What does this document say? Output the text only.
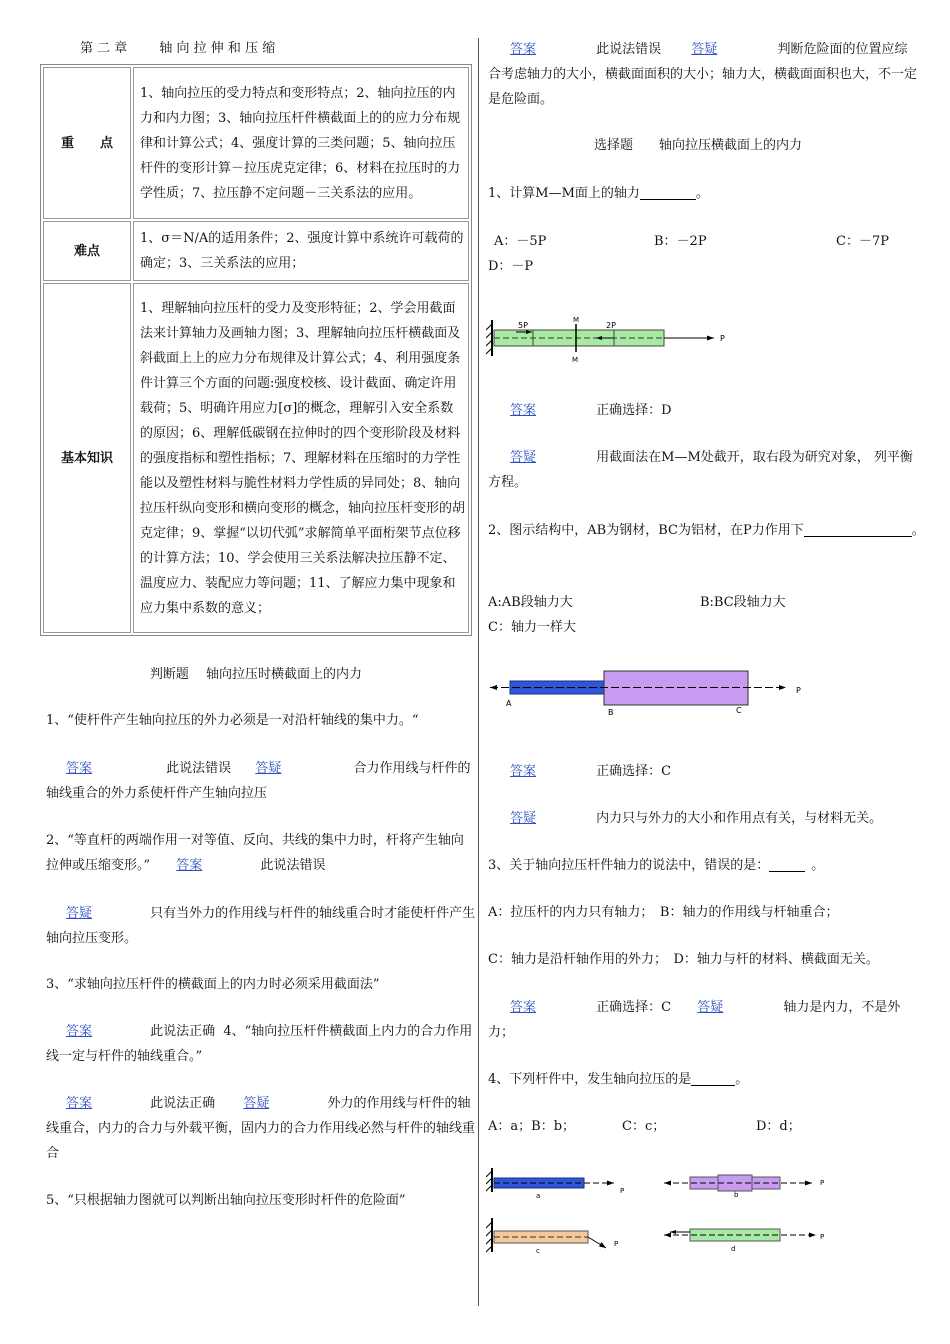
第 二 章 轴 向 拉 伸 和 压 缩
重　　点	1、轴向拉压的受力特点和变形特点；2、轴向拉压的内力和内力图；3、轴向拉压杆件横截面上的的应力分布规律和计算公式；4、强度计算的三类问题；5、轴向拉压杆件的变形计算－拉压虎克定律；6、材料在拉压时的力学性质；7、拉压静不定问题－三关系法的应用。
难点	1、σ＝N/A的适用条件；2、强度计算中系统许可载荷的确定；3、三关系法的应用；
基本知识	1、理解轴向拉压杆的受力及变形特征；2、学会用截面法来计算轴力及画轴力图；3、理解轴向拉压杆横截面及斜截面上上的应力分布规律及计算公式；4、利用强度条件计算三个方面的问题:强度校核、设计截面、确定许用载荷；5、明确许用应力[σ]的概念，理解引入安全系数的原因；6、理解低碳钢在拉伸时的四个变形阶段及材料的强度指标和塑性指标；7、理解材料在压缩时的力学性能以及塑性材料与脆性材料力学性质的异同处；8、轴向拉压杆纵向变形和横向变形的概念，轴向拉压杆变形的胡克定律；9、掌握“以切代弧”求解简单平面桁架节点位移的计算方法；10、学会使用三关系法解决拉压静不定、温度应力、装配应力等问题；11、了解应力集中现象和应力集中系数的意义；
判断题　 轴向拉压时横截面上的内力

1、“使杆件产生轴向拉压的外力必须是一对沿杆轴线的集中力。“

答案	此说法错误 答疑	合力作用线与杆件的轴线重合的外力系使杆件产生轴向拉压
2、“等直杆的两端作用一对等值、反向、共线的集中力时，杆将产生轴向拉伸或压缩变形。” 答案	此说法错误
答疑	只有当外力的作用线与杆件的轴线重合时才能使杆件产生轴向拉压变形。

3、“求轴向拉压杆件的横截面上的内力时必须采用截面法”

答案	此说法正确 4、“轴向拉压杆件横截面上内力的合力作用线一定与杆件的轴线重合。”
答案	此说法正确 答疑	外力的作用线与杆件的轴线重合，内力的合力与外载平衡，固内力的合力作用线必然与杆件的轴线重合

5、“只根据轴力图就可以判断出轴向拉压变形时杆件的危险面”

答案	此说法错误 答疑	判断危险面的位置应综合考虑轴力的大小，横截面面积的大小；轴力大，横截面面积也大，不一定是危险面。
选择题　　轴向拉压横截面上的内力
1、计算M—M面上的轴力	。
A：－5P	B：－2P	C：－7P
D：－P
5P
M
2P
M
P
答案	正确选择：D
答疑	用截面法在M—M处截开，取右段为研究对象， 列平衡方程。
2、图示结构中，AB为钢材，BC为铝材，在P力作用下	。
A:AB段轴力大	B:BC段轴力大
C：轴力一样大
A
B	C
P
答案	正确选择：C
答疑	内力只与外力的大小和作用点有关，与材料无关。
3、关于轴向拉压杆件轴力的说法中，错误的是：	。

A：拉压杆的内力只有轴力；　B：轴力的作用线与杆轴重合；

C：轴力是沿杆轴作用的外力；　D：轴力与杆的材料、横截面无关。

答案	正确选择：C 答疑	轴力是内力，不是外力；
4、下列杆件中，发生轴向拉压的是	。
A：a；B：b；	C：c；	D：d；
a
P	b
P
c
P
d
P
